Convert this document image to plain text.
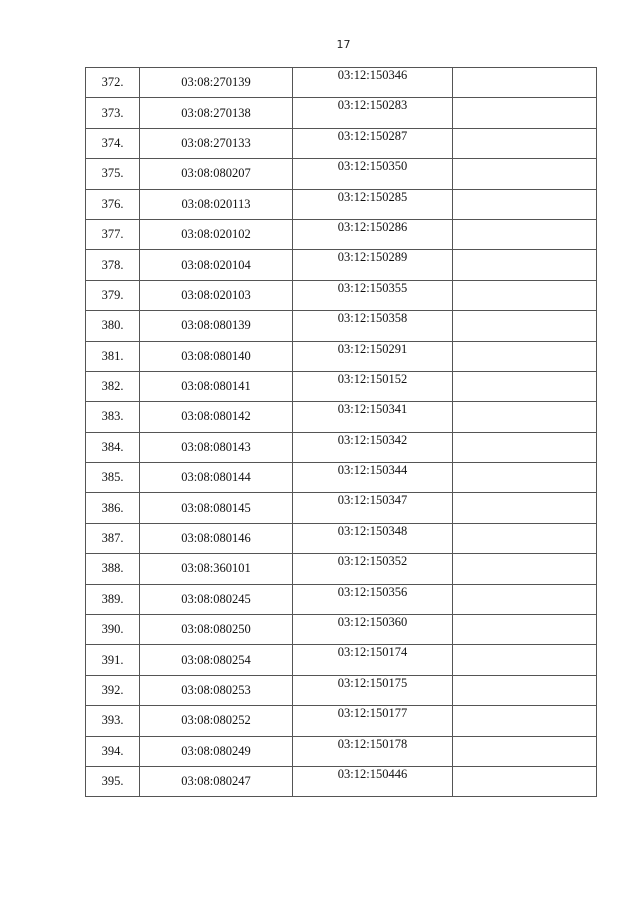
17
372.	03:08:270139	03:12:150346	
373.	03:08:270138	03:12:150283	
374.	03:08:270133	03:12:150287	
375.	03:08:080207	03:12:150350	
376.	03:08:020113	03:12:150285	
377.	03:08:020102	03:12:150286	
378.	03:08:020104	03:12:150289	
379.	03:08:020103	03:12:150355	
380.	03:08:080139	03:12:150358	
381.	03:08:080140	03:12:150291	
382.	03:08:080141	03:12:150152	
383.	03:08:080142	03:12:150341	
384.	03:08:080143	03:12:150342	
385.	03:08:080144	03:12:150344	
386.	03:08:080145	03:12:150347	
387.	03:08:080146	03:12:150348	
388.	03:08:360101	03:12:150352	
389.	03:08:080245	03:12:150356	
390.	03:08:080250	03:12:150360	
391.	03:08:080254	03:12:150174	
392.	03:08:080253	03:12:150175	
393.	03:08:080252	03:12:150177	
394.	03:08:080249	03:12:150178	
395.	03:08:080247	03:12:150446	
